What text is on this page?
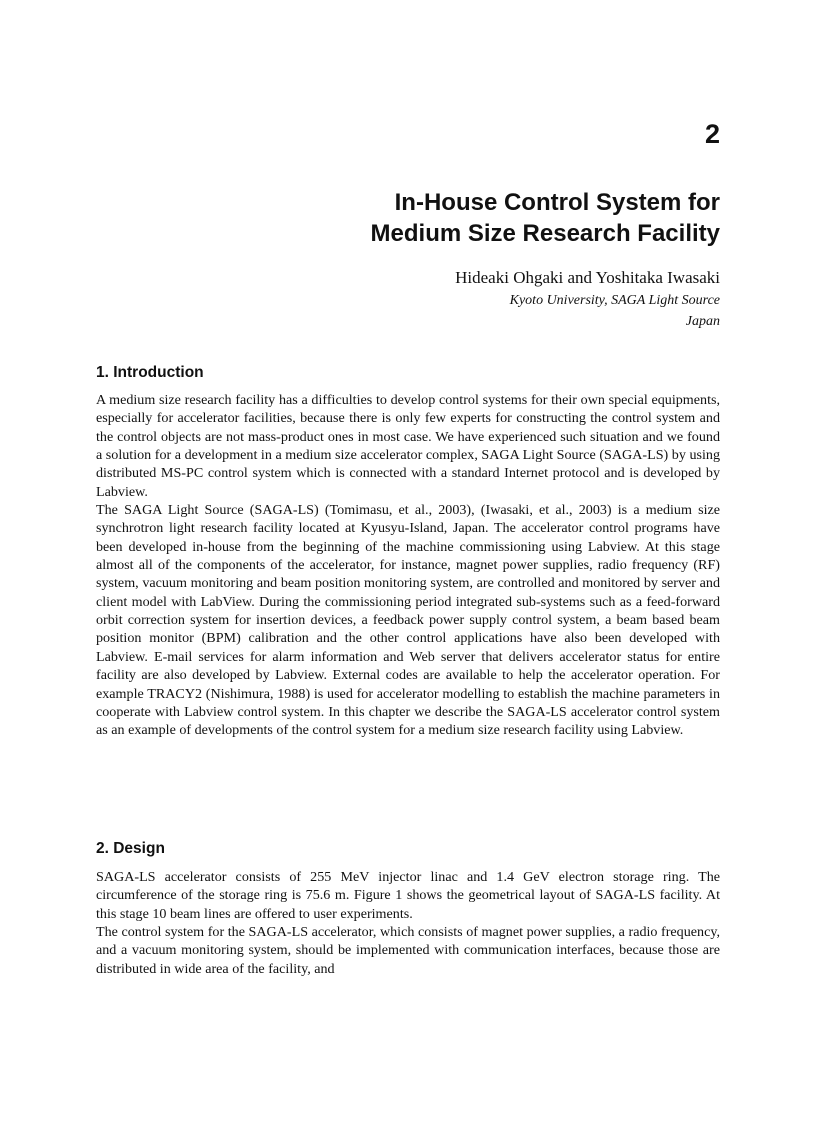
2
In-House Control System for
Medium Size Research Facility
Hideaki Ohgaki and Yoshitaka Iwasaki
Kyoto University, SAGA Light Source
Japan
1. Introduction

A medium size research facility has a difficulties to develop control systems for their own special equipments, especially for accelerator facilities, because there is only few experts for constructing the control system and the control objects are not mass-product ones in most case. We have experienced such situation and we found a solution for a development in a medium size accelerator complex, SAGA Light Source (SAGA-LS) by using distributed MS-PC control system which is connected with a standard Internet protocol and is developed by Labview.

The SAGA Light Source (SAGA-LS) (Tomimasu, et al., 2003), (Iwasaki, et al., 2003) is a medium size synchrotron light research facility located at Kyusyu-Island, Japan. The accelerator control programs have been developed in-house from the beginning of the machine commissioning using Labview. At this stage almost all of the components of the accelerator, for instance, magnet power supplies, radio frequency (RF) system, vacuum monitoring and beam position monitoring system, are controlled and monitored by server and client model with LabView. During the commissioning period integrated sub-systems such as a feed-forward orbit correction system for insertion devices, a feedback power supply control system, a beam based beam position monitor (BPM) calibration and the other control applications have also been developed with Labview. E-mail services for alarm information and Web server that delivers accelerator status for entire facility are also developed by Labview. External codes are available to help the accelerator operation. For example TRACY2 (Nishimura, 1988) is used for accelerator modelling to establish the machine parameters in cooperate with Labview control system. In this chapter we describe the SAGA-LS accelerator control system as an example of developments of the control system for a medium size research facility using Labview.

2. Design

SAGA-LS accelerator consists of 255 MeV injector linac and 1.4 GeV electron storage ring. The circumference of the storage ring is 75.6 m. Figure 1 shows the geometrical layout of SAGA-LS facility. At this stage 10 beam lines are offered to user experiments.

The control system for the SAGA-LS accelerator, which consists of magnet power supplies, a radio frequency, and a vacuum monitoring system, should be implemented with communication interfaces, because those are distributed in wide area of the facility, and
